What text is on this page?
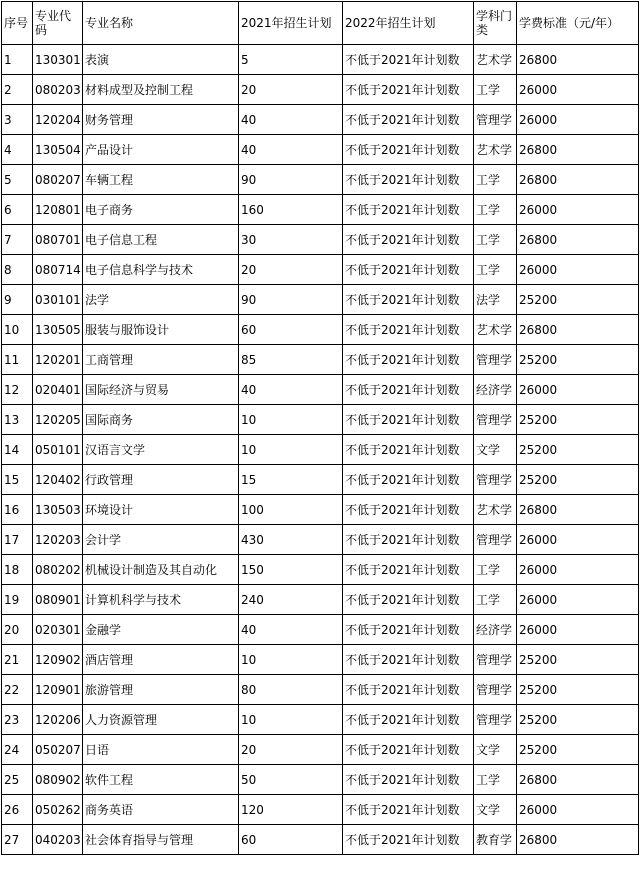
序号	专业代码	专业名称	2021年招生计划	2022年招生计划	学科门类	学费标准（元/年）
1	130301	表演	5	不低于2021年计划数	艺术学	26800
2	080203	材料成型及控制工程	20	不低于2021年计划数	工学	26000
3	120204	财务管理	40	不低于2021年计划数	管理学	26000
4	130504	产品设计	40	不低于2021年计划数	艺术学	26800
5	080207	车辆工程	90	不低于2021年计划数	工学	26800
6	120801	电子商务	160	不低于2021年计划数	工学	26000
7	080701	电子信息工程	30	不低于2021年计划数	工学	26800
8	080714	电子信息科学与技术	20	不低于2021年计划数	工学	26000
9	030101	法学	90	不低于2021年计划数	法学	25200
10	130505	服装与服饰设计	60	不低于2021年计划数	艺术学	26800
11	120201	工商管理	85	不低于2021年计划数	管理学	25200
12	020401	国际经济与贸易	40	不低于2021年计划数	经济学	26000
13	120205	国际商务	10	不低于2021年计划数	管理学	25200
14	050101	汉语言文学	10	不低于2021年计划数	文学	25200
15	120402	行政管理	15	不低于2021年计划数	管理学	25200
16	130503	环境设计	100	不低于2021年计划数	艺术学	26800
17	120203	会计学	430	不低于2021年计划数	管理学	26000
18	080202	机械设计制造及其自动化	150	不低于2021年计划数	工学	26000
19	080901	计算机科学与技术	240	不低于2021年计划数	工学	26000
20	020301	金融学	40	不低于2021年计划数	经济学	26000
21	120902	酒店管理	10	不低于2021年计划数	管理学	25200
22	120901	旅游管理	80	不低于2021年计划数	管理学	25200
23	120206	人力资源管理	10	不低于2021年计划数	管理学	25200
24	050207	日语	20	不低于2021年计划数	文学	25200
25	080902	软件工程	50	不低于2021年计划数	工学	26800
26	050262	商务英语	120	不低于2021年计划数	文学	26000
27	040203	社会体育指导与管理	60	不低于2021年计划数	教育学	26800
